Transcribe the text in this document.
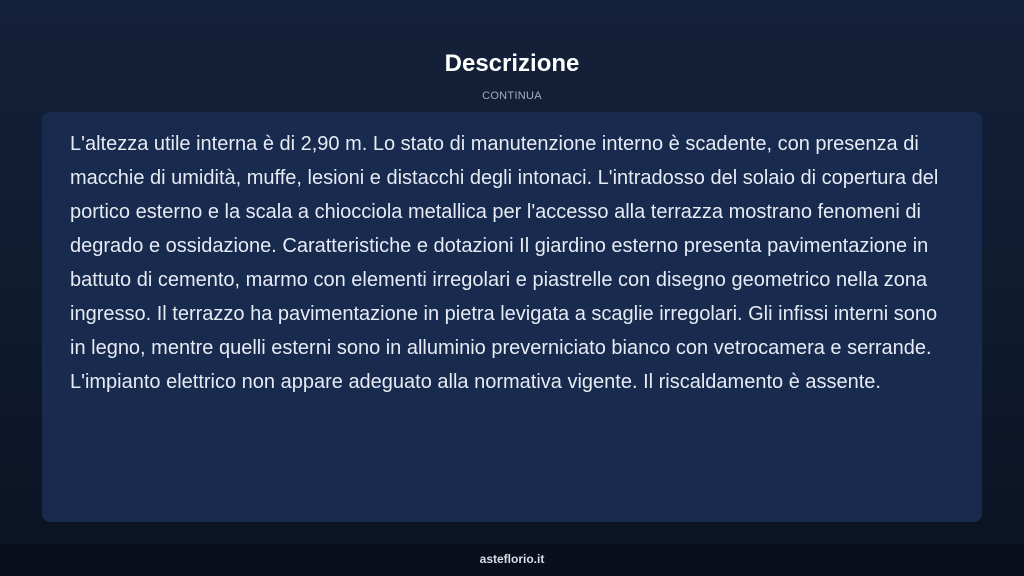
Descrizione
CONTINUA

L'altezza utile interna è di 2,90 m. Lo stato di manutenzione interno è scadente, con presenza di macchie di umidità, muffe, lesioni e distacchi degli intonaci. L'intradosso del solaio di copertura del portico esterno e la scala a chiocciola metallica per l'accesso alla terrazza mostrano fenomeni di degrado e ossidazione. Caratteristiche e dotazioni Il giardino esterno presenta pavimentazione in battuto di cemento, marmo con elementi irregolari e piastrelle con disegno geometrico nella zona ingresso. Il terrazzo ha pavimentazione in pietra levigata a scaglie irregolari. Gli infissi interni sono in legno, mentre quelli esterni sono in alluminio preverniciato bianco con vetrocamera e serrande. L'impianto elettrico non appare adeguato alla normativa vigente. Il riscaldamento è assente.

asteflorio.it
